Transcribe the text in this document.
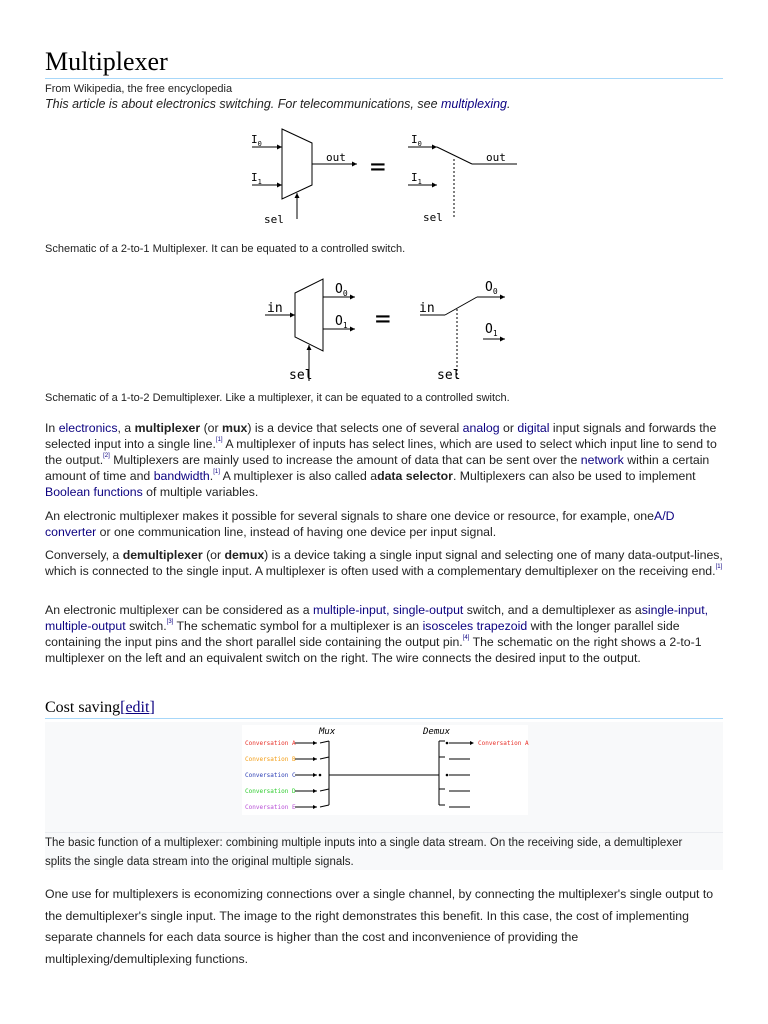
Multiplexer
From Wikipedia, the free encyclopedia
This article is about electronics switching. For telecommunications, see multiplexing.
$I_0$
$I_1$
out
sel
=
$I_0$
$I_1$
out
sel
Schematic of a 2-to-1 Multiplexer. It can be equated to a controlled switch.
in
$O_0$
$O_1$ = in
$O_0$
$O_1$
sel	sel
Schematic of a 1-to-2 Demultiplexer. Like a multiplexer, it can be equated to a controlled switch.

In electronics, a multiplexer (or mux) is a device that selects one of several analog or digital input signals and forwards the selected input into a single line.[1] A multiplexer of inputs has select lines, which are used to select which input line to send to the output.[2] Multiplexers are mainly used to increase the amount of data that can be sent over the network within a certain amount of time and bandwidth.[1] A multiplexer is also called adata selector. Multiplexers can also be used to implement Boolean functions of multiple variables.

An electronic multiplexer makes it possible for several signals to share one device or resource, for example, oneA/D converter or one communication line, instead of having one device per input signal.

Conversely, a demultiplexer (or demux) is a device taking a single input signal and selecting one of many data-output-lines, which is connected to the single input. A multiplexer is often used with a complementary demultiplexer on the receiving end.[1]

An electronic multiplexer can be considered as a multiple-input, single-output switch, and a demultiplexer as asingle-input, multiple-output switch.[3] The schematic symbol for a multiplexer is an isosceles trapezoid with the longer parallel side containing the input pins and the short parallel side containing the output pin.[4] The schematic on the right shows a 2-to-1 multiplexer on the left and an equivalent switch on the right. The wire connects the desired input to the output.

Cost saving[edit]
Mux	Demux
Conversation A
Conversation B
Conversation C
Conversation D
Conversation E
Conversation A
The basic function of a multiplexer: combining multiple inputs into a single data stream. On the receiving side, a demultiplexer
splits the single data stream into the original multiple signals.

One use for multiplexers is economizing connections over a single channel, by connecting the multiplexer's single output to the demultiplexer's single input. The image to the right demonstrates this benefit. In this case, the cost of implementing separate channels for each data source is higher than the cost and inconvenience of providing the multiplexing/demultiplexing functions.
